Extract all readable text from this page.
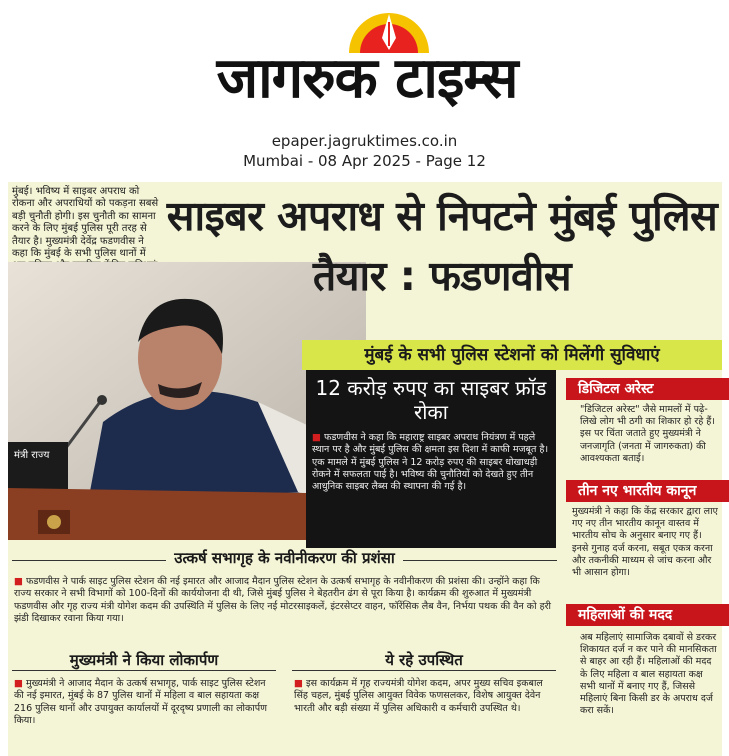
जागरुक टाइम्स
epaper.jagruktimes.co.in
Mumbai - 08 Apr 2025 - Page 12
मुंबई। भविष्य में साइबर अपराध को रोकना और अपराधियों को पकड़ना सबसे बड़ी चुनौती होगी। इस चुनौती का सामना करने के लिए मुंबई पुलिस पूरी तरह से तैयार है। मुख्यमंत्री देवेंद्र फडणवीस ने कहा कि मुंबई के सभी पुलिस थानों में
मंत्री राज्य
साइबर अपराध से निपटने मुंबई पुलिस तैयार : फडणवीस
मुंबई के सभी पुलिस स्टेशनों को मिलेंगी सुविधाएं
12 करोड़ रुपए का साइबर फ्रॉड रोका
■ फडणवीस ने कहा कि महाराष्ट्र साइबर अपराध नियंत्रण में पहले स्थान पर है और मुंबई पुलिस की क्षमता इस दिशा में काफी मजबूत है। एक मामले में मुंबई पुलिस ने 12 करोड़ रुपए की साइबर धोखाधड़ी रोकने में सफलता पाई है। भविष्य की चुनौतियों को देखते हुए तीन आधुनिक साइबर लैब्स की स्थापना की गई है।
डिजिटल अरेस्ट
"डिजिटल अरेस्ट" जैसे मामलों में पढ़े-लिखे लोग भी ठगी का शिकार हो रहे हैं। इस पर चिंता जताते हुए मुख्यमंत्री ने जनजागृति (जनता में जागरुकता) की आवश्यकता बताई।
तीन नए भारतीय कानून
मुख्यमंत्री ने कहा कि केंद्र सरकार द्वारा लाए गए नए तीन भारतीय कानून वास्तव में भारतीय सोच के अनुसार बनाए गए हैं। इनसे गुनाह दर्ज करना, सबूत एकत्र करना और तकनीकी माध्यम से जांच करना और भी आसान होगा।
महिलाओं की मदद
अब महिलाएं सामाजिक दबावों से डरकर शिकायत दर्ज न कर पाने की मानसिकता से बाहर आ रही हैं। महिलाओं की मदद के लिए महिला व बाल सहायता कक्ष सभी थानों में बनाए गए हैं, जिससे महिलाएं बिना किसी डर के अपराध दर्ज करा सकें।
उत्कर्ष सभागृह के नवीनीकरण की प्रशंसा
■ फडणवीस ने पार्क साइट पुलिस स्टेशन की नई इमारत और आजाद मैदान पुलिस स्टेशन के उत्कर्ष सभागृह के नवीनीकरण की प्रशंसा की। उन्होंने कहा कि राज्य सरकार ने सभी विभागों को 100-दिनों की कार्ययोजना दी थी, जिसे मुंबई पुलिस ने बेहतरीन ढंग से पूरा किया है। कार्यक्रम की शुरुआत में मुख्यमंत्री फडणवीस और गृह राज्य मंत्री योगेश कदम की उपस्थिति में पुलिस के लिए नई मोटरसाइकलें, इंटरसेप्टर वाहन, फॉरेंसिक लैब वैन, निर्भया पथक की वैन को हरी झंडी दिखाकर रवाना किया गया।
मुख्यमंत्री ने किया लोकार्पण
■ मुख्यमंत्री ने आजाद मैदान के उत्कर्ष सभागृह, पार्क साइट पुलिस स्टेशन की नई इमारत, मुंबई के 87 पुलिस थानों में महिला व बाल सहायता कक्ष 216 पुलिस थानों और उपायुक्त कार्यालयों में दूरदृष्य प्रणाली का लोकार्पण किया।
ये रहे उपस्थित
■ इस कार्यक्रम में गृह राज्यमंत्री योगेश कदम, अपर मुख्य सचिव इकबाल सिंह चहल, मुंबई पुलिस आयुक्त विवेक फणसलकर, विशेष आयुक्त देवेन भारती और बड़ी संख्या में पुलिस अधिकारी व कर्मचारी उपस्थित थे।
